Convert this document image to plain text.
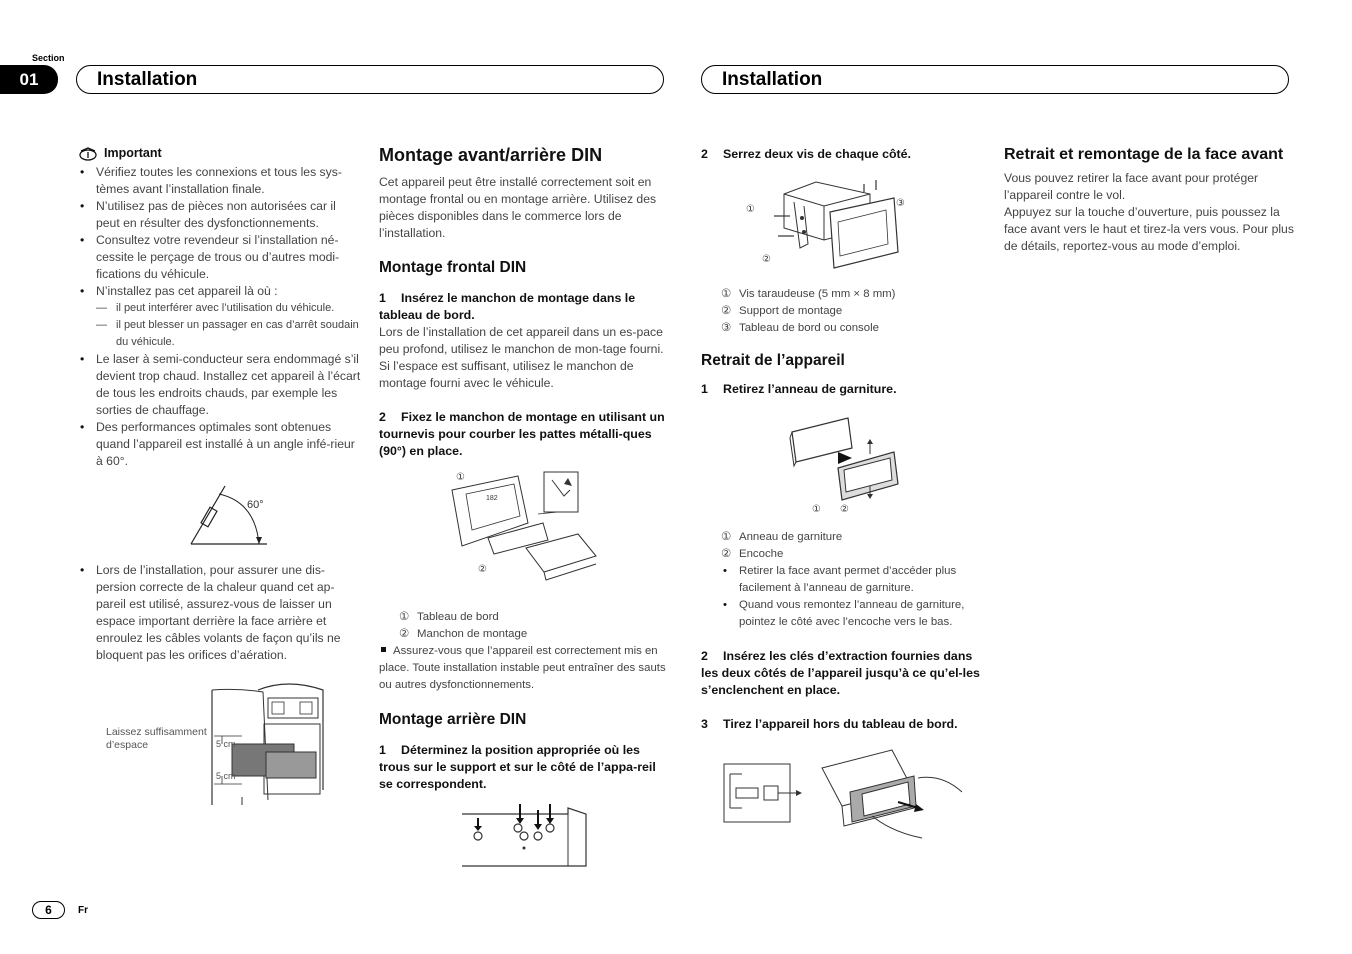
Section
01	Installation	Installation
Important
• Vérifiez toutes les connexions et tous les sys-tèmes avant l’installation finale.
• N’utilisez pas de pièces non autorisées car il peut en résulter des dysfonctionnements.
• Consultez votre revendeur si l’installation né-cessite le perçage de trous ou d’autres modi-fications du véhicule.
• N’installez pas cet appareil là où :
— il peut interférer avec l’utilisation du véhicule.
— il peut blesser un passager en cas d’arrêt soudain du véhicule.
• Le laser à semi-conducteur sera endommagé s’il devient trop chaud. Installez cet appareil à l’écart de tous les endroits chauds, par exemple les sorties de chauffage.
• Des performances optimales sont obtenues quand l’appareil est installé à un angle infé-rieur à 60°.
60°
• Lors de l’installation, pour assurer une dis-persion correcte de la chaleur quand cet ap-pareil est utilisé, assurez-vous de laisser un espace important derrière la face arrière et enroulez les câbles volants de façon qu’ils ne bloquent pas les orifices d’aération.
Laissez suffisamment
d’espace	5 cm
5 cm
Montage avant/arrière DIN

Cet appareil peut être installé correctement soit en montage frontal ou en montage arrière. Utilisez des pièces disponibles dans le commerce lors de l’installation.

Montage frontal DIN
1 Insérez le manchon de montage dans le tableau de bord.

Lors de l’installation de cet appareil dans un es-pace peu profond, utilisez le manchon de mon-tage fourni. Si l’espace est suffisant, utilisez le manchon de montage fourni avec le véhicule.

2 Fixez le manchon de montage en utilisant un tournevis pour courber les pattes métalli-ques (90°) en place.
①
②
182
① Tableau de bord
② Manchon de montage

Assurez-vous que l’appareil est correctement mis en place. Toute installation instable peut entraîner des sauts ou autres dysfonctionnements.

Montage arrière DIN
1 Déterminez la position appropriée où les trous sur le support et sur le côté de l’appa-reil se correspondent.
2 Serrez deux vis de chaque côté.
①
②
③
① Vis taraudeuse (5 mm × 8 mm)
② Support de montage
③ Tableau de bord ou console
Retrait de l’appareil
1 Retirez l’anneau de garniture.
① ②
① Anneau de garniture
② Encoche
• Retirer la face avant permet d’accéder plus facilement à l’anneau de garniture.
• Quand vous remontez l’anneau de garniture, pointez le côté avec l’encoche vers le bas.
2 Insérez les clés d’extraction fournies dans les deux côtés de l’appareil jusqu’à ce qu’el-les s’enclenchent en place.
3 Tirez l’appareil hors du tableau de bord.
Retrait et remontage de la face avant

Vous pouvez retirer la face avant pour protéger l’appareil contre le vol.

Appuyez sur la touche d’ouverture, puis poussez la face avant vers le haut et tirez-la vers vous. Pour plus de détails, reportez-vous au mode d’emploi.

6	Fr
